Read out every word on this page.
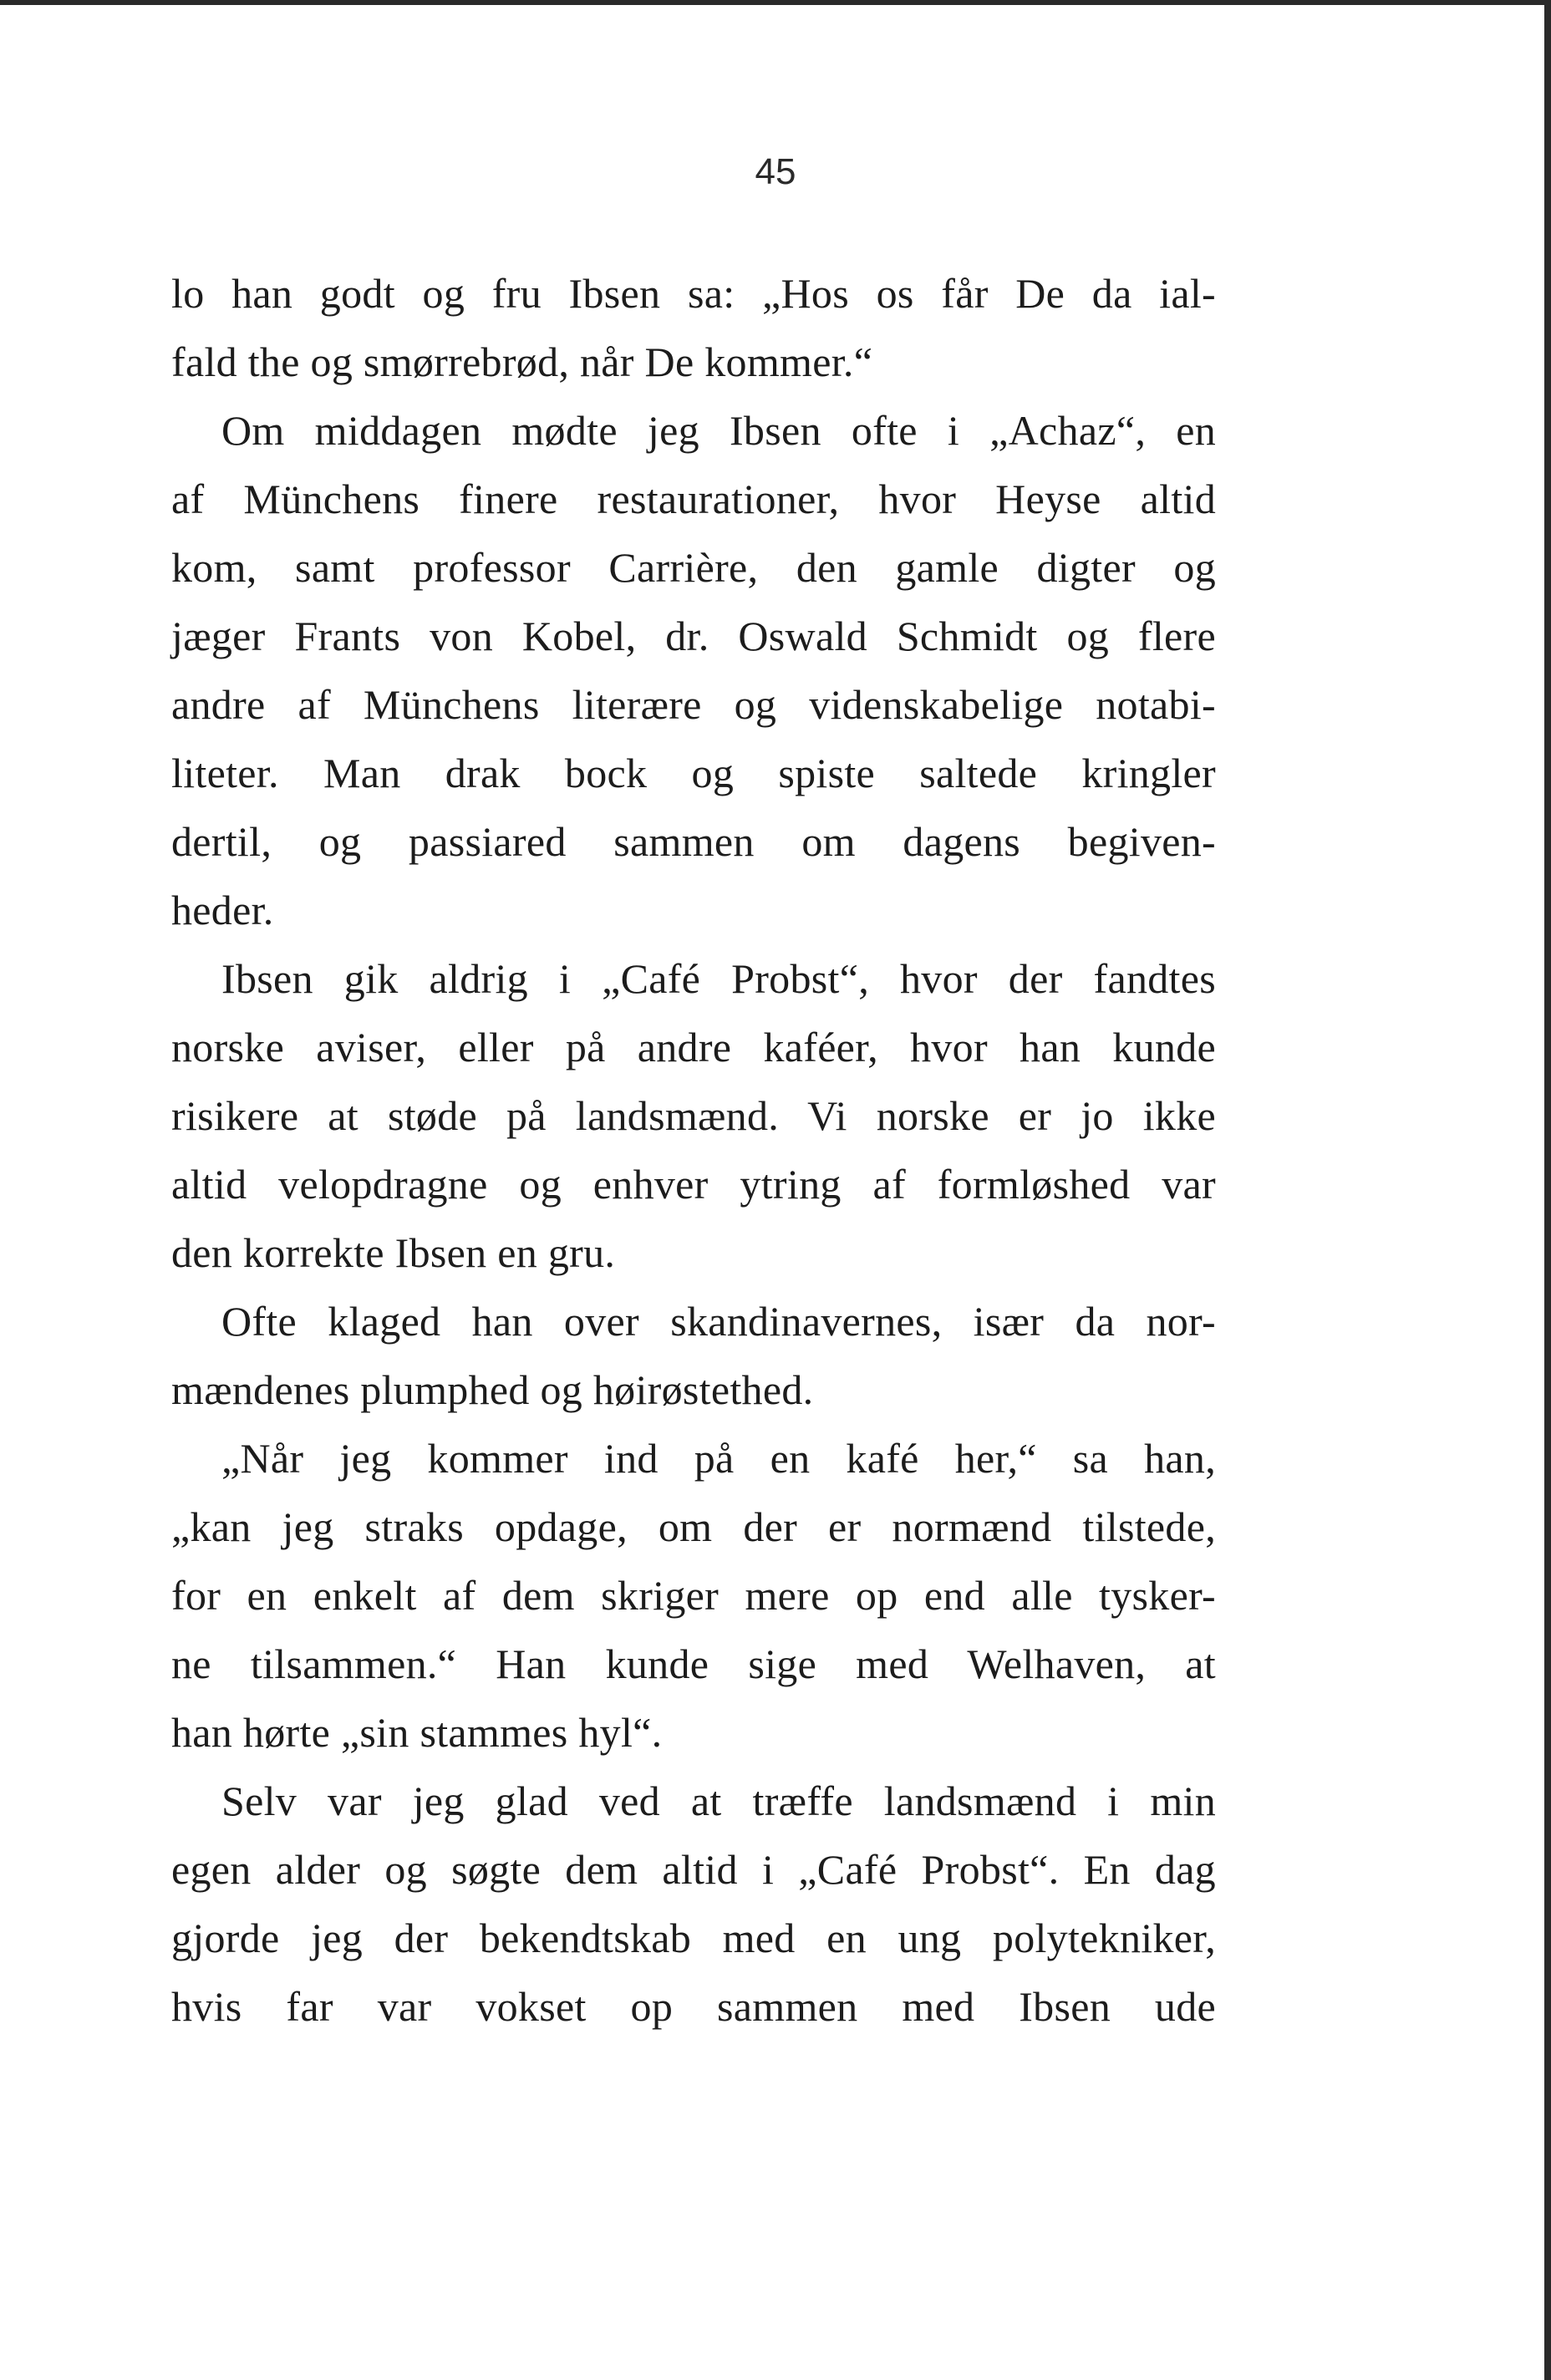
45
lo han godt og fru Ibsen sa: „Hos os får De da ial-
fald the og smørrebrød, når De kommer.“
Om middagen mødte jeg Ibsen ofte i „Achaz“, en
af Münchens finere restaurationer, hvor Heyse altid
kom, samt professor Carrière, den gamle digter og
jæger Frants von Kobel, dr. Oswald Schmidt og flere
andre af Münchens literære og videnskabelige notabi-
liteter. Man drak bock og spiste saltede kringler
dertil, og passiared sammen om dagens begiven-
heder.
Ibsen gik aldrig i „Café Probst“, hvor der fandtes
norske aviser, eller på andre kaféer, hvor han kunde
risikere at støde på landsmænd. Vi norske er jo ikke
altid velopdragne og enhver ytring af formløshed var
den korrekte Ibsen en gru.
Ofte klaged han over skandinavernes, især da nor-
mændenes plumphed og høirøstethed.
„Når jeg kommer ind på en kafé her,“ sa han,
„kan jeg straks opdage, om der er normænd tilstede,
for en enkelt af dem skriger mere op end alle tysker-
ne tilsammen.“ Han kunde sige med Welhaven, at
han hørte „sin stammes hyl“.
Selv var jeg glad ved at træffe landsmænd i min
egen alder og søgte dem altid i „Café Probst“. En dag
gjorde jeg der bekendtskab med en ung polytekniker,
hvis far var vokset op sammen med Ibsen ude
